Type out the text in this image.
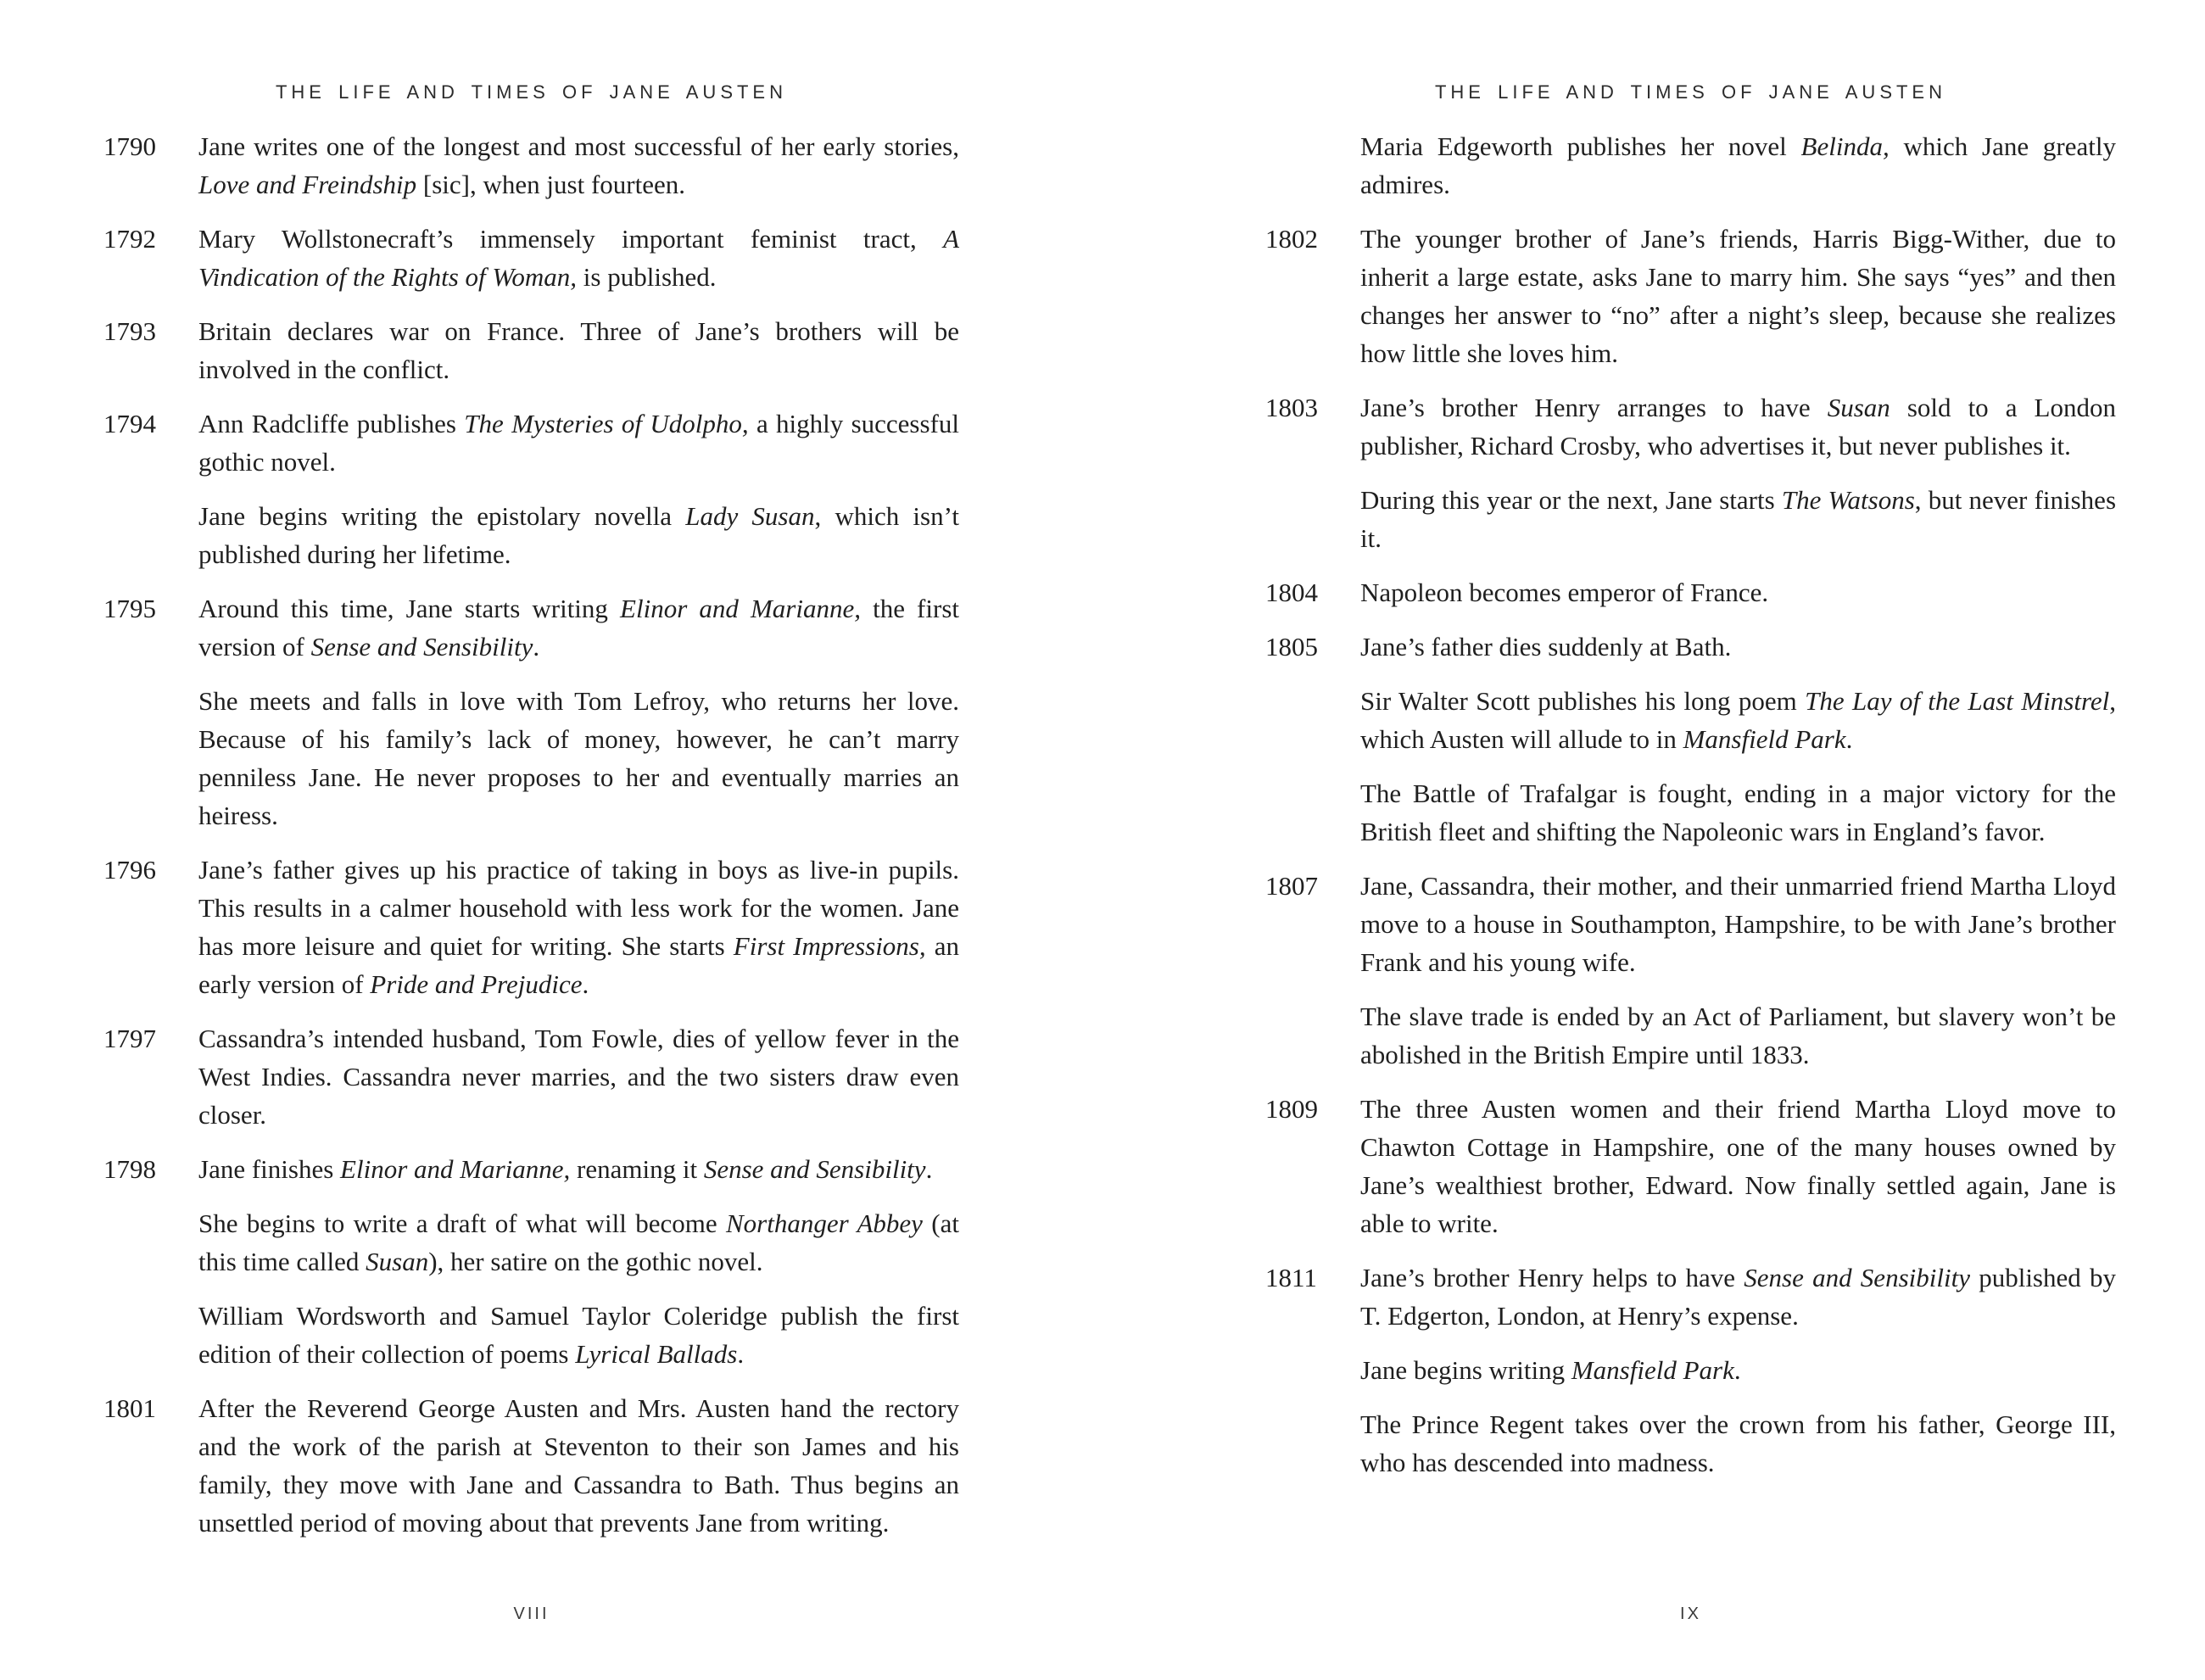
THE LIFE AND TIMES OF JANE AUSTEN
1790	Jane writes one of the longest and most successful of her early stories, Love and Freindship [sic], when just fourteen.

1792	Mary Wollstonecraft’s immensely important feminist tract, A Vindication of the Rights of Woman, is published.

1793	Britain declares war on France. Three of Jane’s brothers will be involved in the conflict.

1794	Ann Radcliffe publishes The Mysteries of Udolpho, a highly successful gothic novel.

Jane begins writing the epistolary novella Lady Susan, which isn’t published during her lifetime.

1795	Around this time, Jane starts writing Elinor and Marianne, the first version of Sense and Sensibility.

She meets and falls in love with Tom Lefroy, who returns her love. Because of his family’s lack of money, however, he can’t marry penniless Jane. He never proposes to her and eventually marries an heiress.

1796	Jane’s father gives up his practice of taking in boys as live-in pupils. This results in a calmer household with less work for the women. Jane has more leisure and quiet for writing. She starts First Impressions, an early version of Pride and Prejudice.

1797	Cassandra’s intended husband, Tom Fowle, dies of yellow fever in the West Indies. Cassandra never marries, and the two sisters draw even closer.

1798	Jane finishes Elinor and Marianne, renaming it Sense and Sensibility.

She begins to write a draft of what will become Northanger Abbey (at this time called Susan), her satire on the gothic novel.

William Wordsworth and Samuel Taylor Coleridge publish the first edition of their collection of poems Lyrical Ballads.

1801	After the Reverend George Austen and Mrs. Austen hand the rectory and the work of the parish at Steventon to their son James and his family, they move with Jane and Cassandra to Bath. Thus begins an unsettled period of moving about that prevents Jane from writing.

VIII
THE LIFE AND TIMES OF JANE AUSTEN

Maria Edgeworth publishes her novel Belinda, which Jane greatly admires.

1802	The younger brother of Jane’s friends, Harris Bigg-Wither, due to inherit a large estate, asks Jane to marry him. She says “yes” and then changes her answer to “no” after a night’s sleep, because she realizes how little she loves him.

1803	Jane’s brother Henry arranges to have Susan sold to a London publisher, Richard Crosby, who advertises it, but never publishes it.

During this year or the next, Jane starts The Watsons, but never finishes it.

1804	Napoleon becomes emperor of France.

1805	Jane’s father dies suddenly at Bath.

Sir Walter Scott publishes his long poem The Lay of the Last Minstrel, which Austen will allude to in Mansfield Park.

The Battle of Trafalgar is fought, ending in a major victory for the British fleet and shifting the Napoleonic wars in England’s favor.

1807	Jane, Cassandra, their mother, and their unmarried friend Martha Lloyd move to a house in Southampton, Hampshire, to be with Jane’s brother Frank and his young wife.

The slave trade is ended by an Act of Parliament, but slavery won’t be abolished in the British Empire until 1833.

1809	The three Austen women and their friend Martha Lloyd move to Chawton Cottage in Hampshire, one of the many houses owned by Jane’s wealthiest brother, Edward. Now finally settled again, Jane is able to write.

1811	Jane’s brother Henry helps to have Sense and Sensibility published by T. Edgerton, London, at Henry’s expense.

Jane begins writing Mansfield Park.

The Prince Regent takes over the crown from his father, George III, who has descended into madness.

IX
